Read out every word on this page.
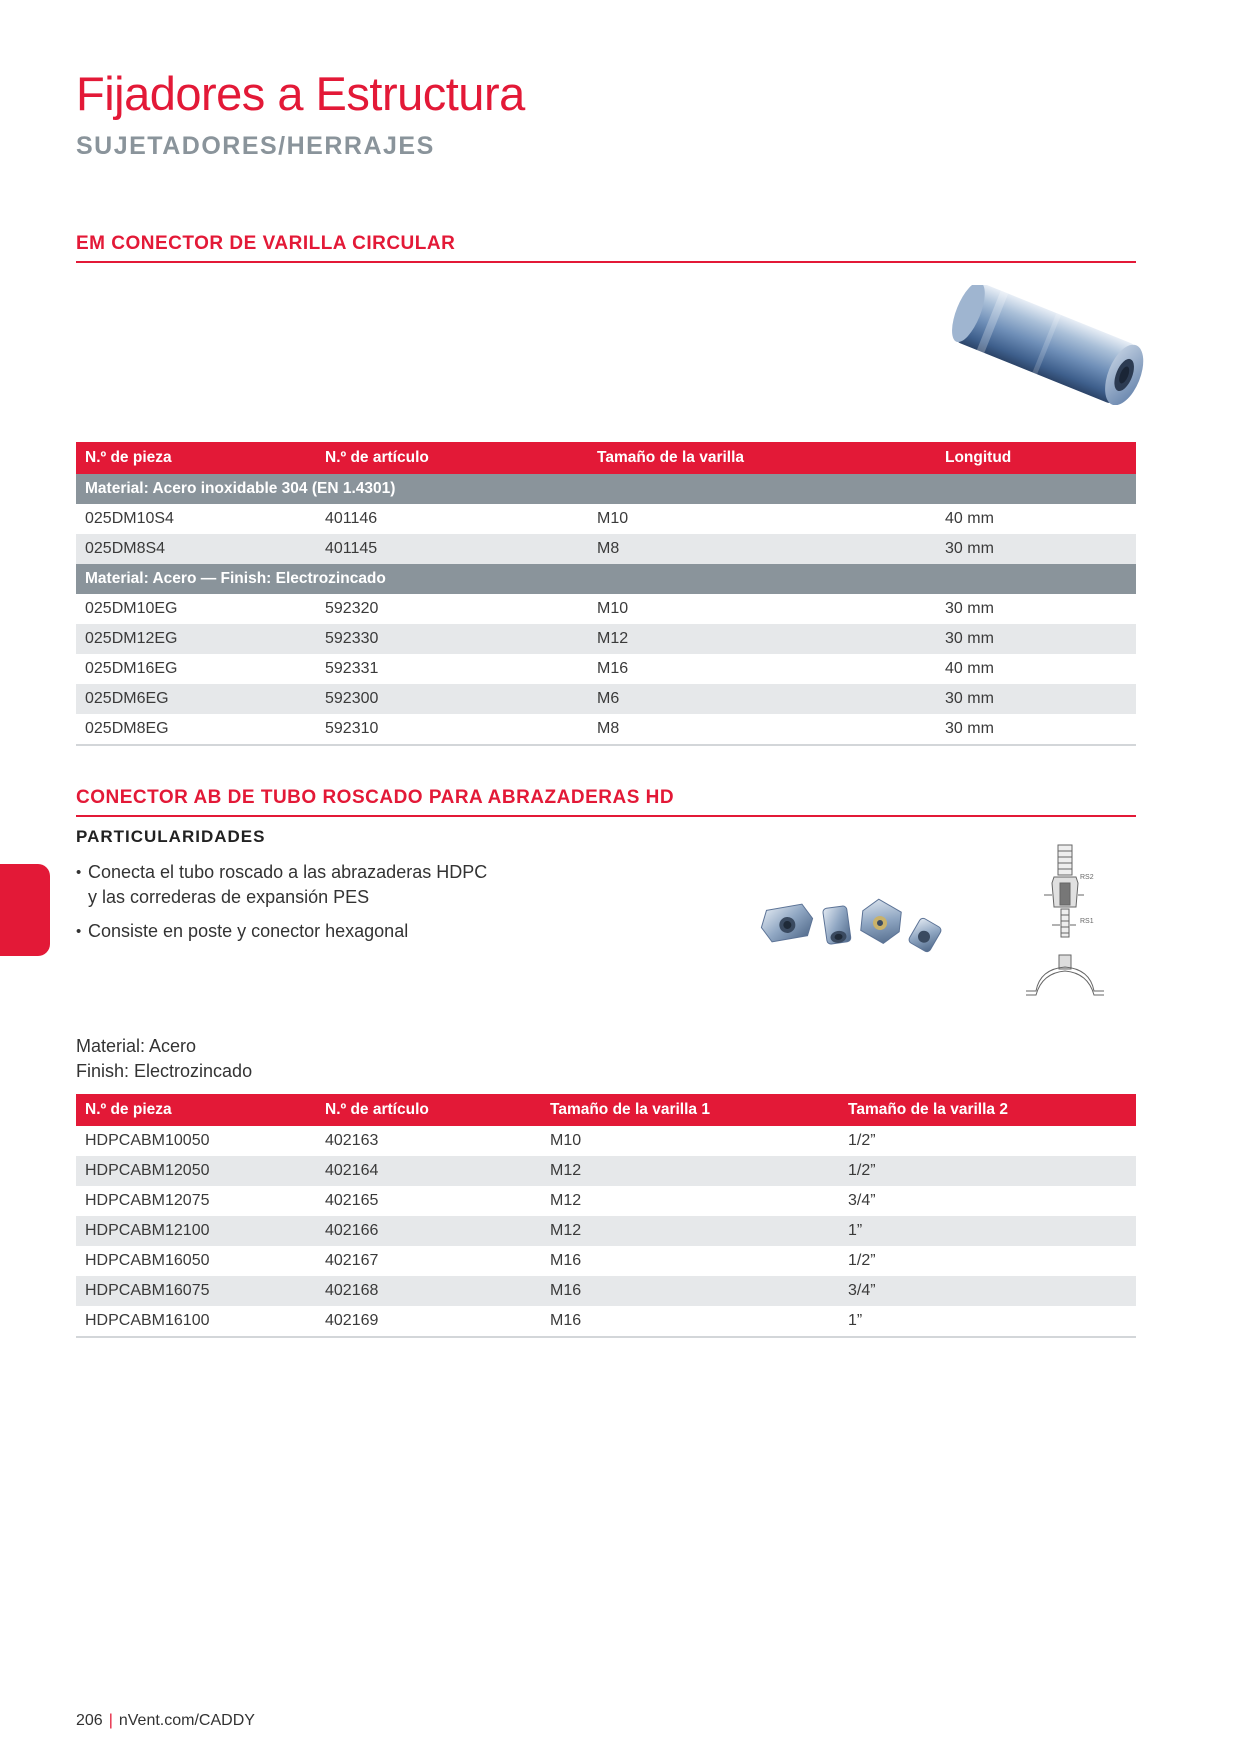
Fijadores a Estructura
SUJETADORES/HERRAJES
EM CONECTOR DE VARILLA CIRCULAR
N.º de pieza	N.º de artículo	Tamaño de la varilla	Longitud
Material: Acero inoxidable 304 (EN 1.4301)			
025DM10S4	401146	M10	40 mm
025DM8S4	401145	M8	30 mm
Material: Acero — Finish: Electrozincado			
025DM10EG	592320	M10	30 mm
025DM12EG	592330	M12	30 mm
025DM16EG	592331	M16	40 mm
025DM6EG	592300	M6	30 mm
025DM8EG	592310	M8	30 mm
CONECTOR AB DE TUBO ROSCADO PARA ABRAZADERAS HD
PARTICULARIDADES
• Conecta el tubo roscado a las abrazaderas HDPC y las correderas de expansión PES
• Consiste en poste y conector hexagonal
RS2
RS1
Material: Acero
Finish: Electrozincado
N.º de pieza	N.º de artículo	Tamaño de la varilla 1	Tamaño de la varilla 2
HDPCABM10050	402163	M10	1/2”
HDPCABM12050	402164	M12	1/2”
HDPCABM12075	402165	M12	3/4”
HDPCABM12100	402166	M12	1”
HDPCABM16050	402167	M16	1/2”
HDPCABM16075	402168	M16	3/4”
HDPCABM16100	402169	M16	1”
206 | nVent.com/CADDY
